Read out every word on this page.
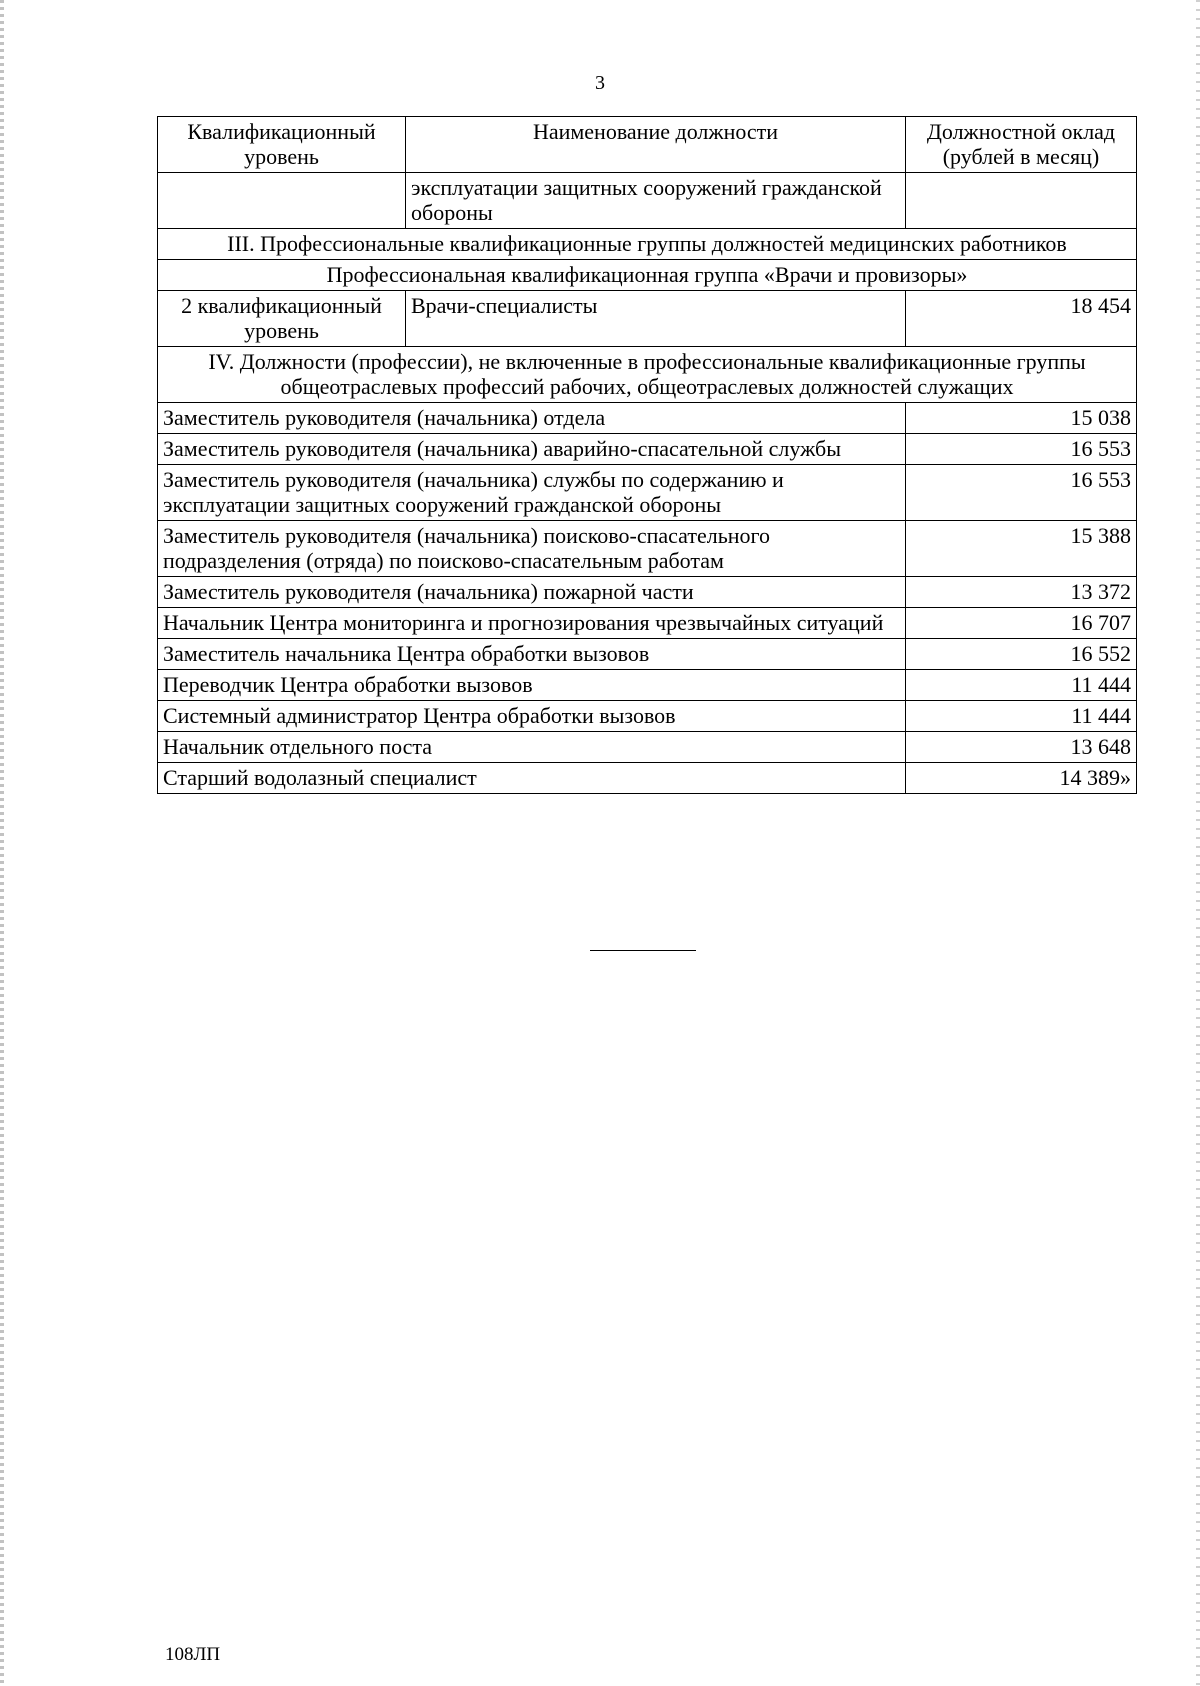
3
Квалификационный уровень	Наименование должности	Должностной оклад (рублей в месяц)
	эксплуатации защитных сооружений гражданской обороны	
III. Профессиональные квалификационные группы должностей медицинских работников		
Профессиональная квалификационная группа «Врачи и провизоры»		
2 квалификационный уровень	Врачи-специалисты	18 454
IV. Должности (профессии), не включенные в профессиональные квалификационные группы общеотраслевых профессий рабочих, общеотраслевых должностей служащих		
Заместитель руководителя (начальника) отдела		15 038
Заместитель руководителя (начальника) аварийно-спасательной службы		16 553
Заместитель руководителя (начальника) службы по содержанию и эксплуатации защитных сооружений гражданской обороны		16 553
Заместитель руководителя (начальника) поисково-спасательного подразделения (отряда) по поисково-спасательным работам		15 388
Заместитель руководителя (начальника) пожарной части		13 372
Начальник Центра мониторинга и прогнозирования чрезвычайных ситуаций		16 707
Заместитель начальника Центра обработки вызовов		16 552
Переводчик Центра обработки вызовов		11 444
Системный администратор Центра обработки вызовов		11 444
Начальник отдельного поста		13 648
Старший водолазный специалист		14 389»
108ЛП
